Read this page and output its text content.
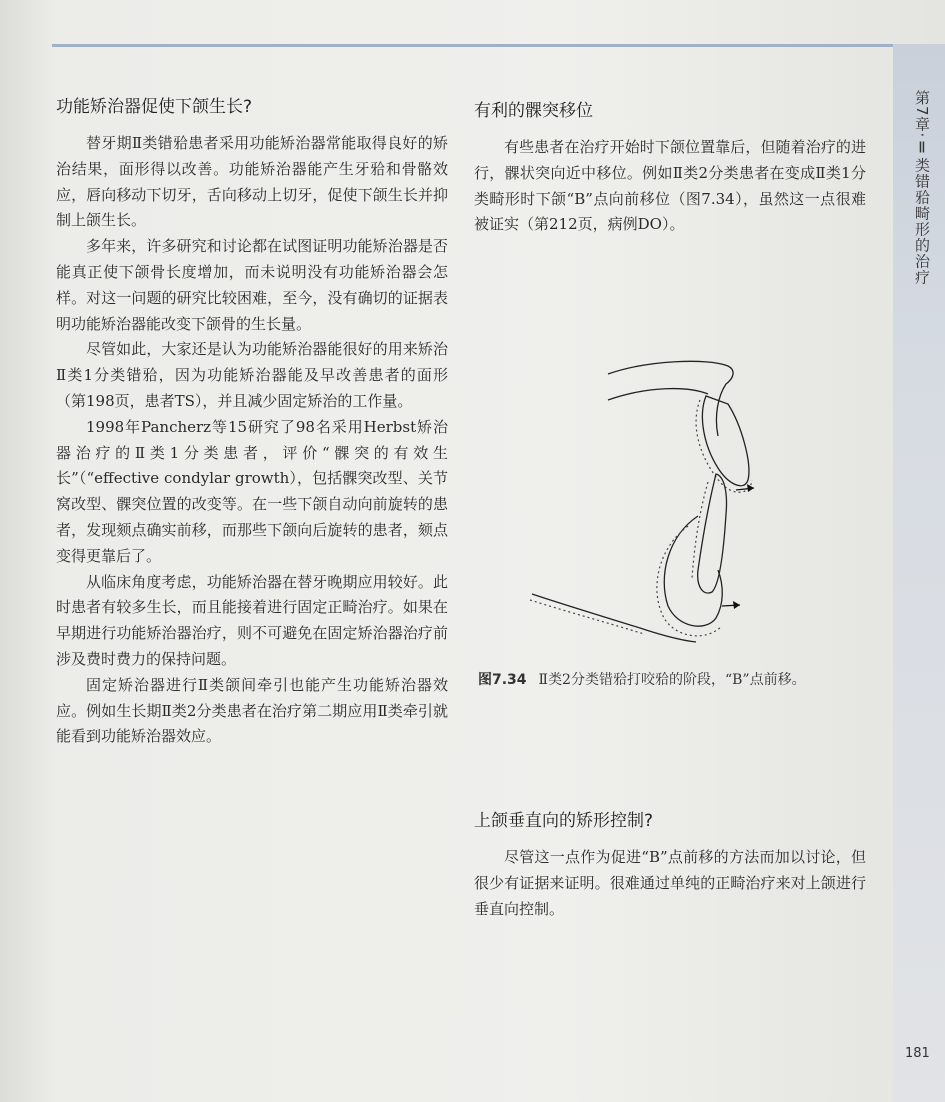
第7章·Ⅱ类错𬌗畸形的治疗
功能矫治器促使下颌生长?

替牙期Ⅱ类错𬌗患者采用功能矫治器常能取得良好的矫治结果，面形得以改善。功能矫治器能产生牙𬌗和骨骼效应，唇向移动下切牙，舌向移动上切牙，促使下颌生长并抑制上颌生长。

多年来，许多研究和讨论都在试图证明功能矫治器是否能真正使下颌骨长度增加，而未说明没有功能矫治器会怎样。对这一问题的研究比较困难，至今，没有确切的证据表明功能矫治器能改变下颌骨的生长量。

尽管如此，大家还是认为功能矫治器能很好的用来矫治Ⅱ类1分类错𬌗，因为功能矫治器能及早改善患者的面形（第198页，患者TS），并且减少固定矫治的工作量。

1998年Pancherz等15研究了98名采用Herbst矫治器治疗的Ⅱ类1分类患者，评价“髁突的有效生长”（“effective condylar growth），包括髁突改型、关节窝改型、髁突位置的改变等。在一些下颌自动向前旋转的患者，发现颏点确实前移，而那些下颌向后旋转的患者，颏点变得更靠后了。

从临床角度考虑，功能矫治器在替牙晚期应用较好。此时患者有较多生长，而且能接着进行固定正畸治疗。如果在早期进行功能矫治器治疗，则不可避免在固定矫治器治疗前涉及费时费力的保持问题。

固定矫治器进行Ⅱ类颌间牵引也能产生功能矫治器效应。例如生长期Ⅱ类2分类患者在治疗第二期应用Ⅱ类牵引就能看到功能矫治器效应。

有利的髁突移位

有些患者在治疗开始时下颌位置靠后，但随着治疗的进行，髁状突向近中移位。例如Ⅱ类2分类患者在变成Ⅱ类1分类畸形时下颌“B”点向前移位（图7.34），虽然这一点很难被证实（第212页，病例DO）。

图7.34 Ⅱ类2分类错𬌗打咬𬌗的阶段，“B”点前移。
上颌垂直向的矫形控制?

尽管这一点作为促进“B”点前移的方法而加以讨论，但很少有证据来证明。很难通过单纯的正畸治疗来对上颌进行垂直向控制。

181
